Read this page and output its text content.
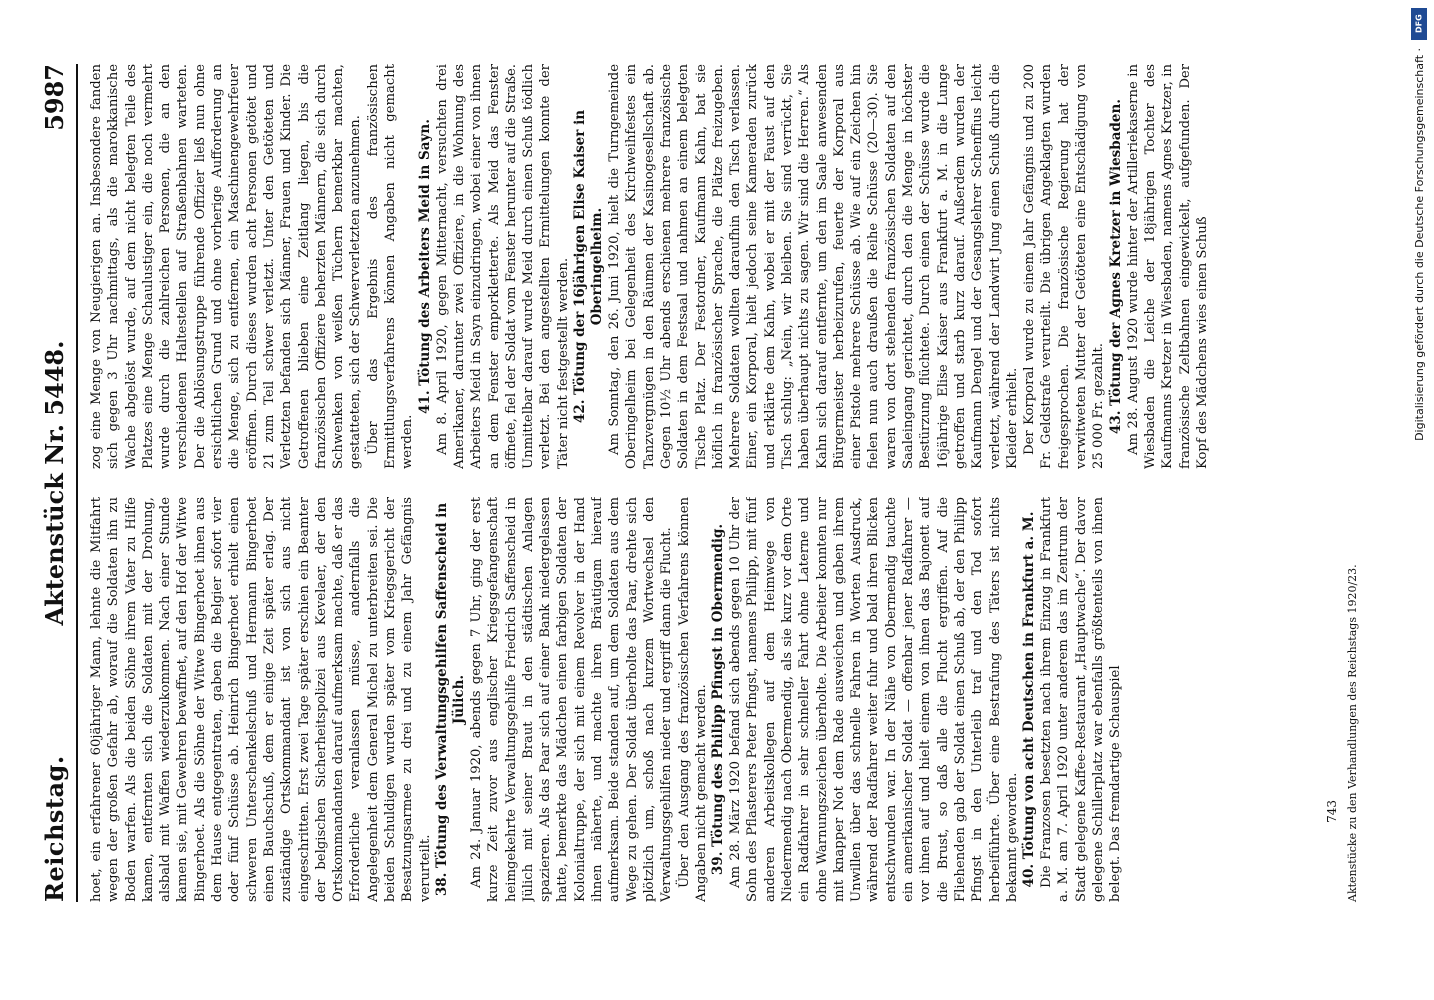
Reichstag.
Aktenstück Nr. 5448.
5987

hoet, ein erfahrener 60jähriger Mann, lehnte die Mitfahrt wegen der großen Gefahr ab, worauf die Soldaten ihn zu Boden warfen. Als die beiden Söhne ihrem Vater zu Hilfe kamen, entfernten sich die Soldaten mit der Drohung, alsbald mit Waffen wiederzukommen. Nach einer Stunde kamen sie, mit Gewehren bewaffnet, auf den Hof der Witwe Bingerhoet. Als die Söhne der Witwe Bingerhoet ihnen aus dem Hause entgegentraten, gaben die Belgier sofort vier oder fünf Schüsse ab. Heinrich Bingerhoet erhielt einen schweren Unterschenkelschuß und Hermann Bingerhoet einen Bauchschuß, dem er einige Zeit später erlag. Der zuständige Ortskommandant ist von sich aus nicht eingeschritten. Erst zwei Tage später erschien ein Beamter der belgischen Sicherheitspolizei aus Kevelaer, der den Ortskommandanten darauf aufmerksam machte, daß er das Erforderliche veranlassen müsse, andernfalls die Angelegenheit dem General Michel zu unterbreiten sei. Die beiden Schuldigen wurden später vom Kriegsgericht der Besatzungsarmee zu drei und zu einem Jahr Gefängnis verurteilt. 38. Tötung des Verwaltungsgehilfen Saffenscheid in Jülich. Am 24. Januar 1920, abends gegen 7 Uhr, ging der erst kurze Zeit zuvor aus englischer Kriegsgefangenschaft heimgekehrte Verwaltungsgehilfe Friedrich Saffenscheid in Jülich mit seiner Braut in den städtischen Anlagen spazieren. Als das Paar sich auf einer Bank niedergelassen hatte, bemerkte das Mädchen einen farbigen Soldaten der Kolonialtruppe, der sich mit einem Revolver in der Hand ihnen näherte, und machte ihren Bräutigam hierauf aufmerksam. Beide standen auf, um dem Soldaten aus dem Wege zu gehen. Der Soldat überholte das Paar, drehte sich plötzlich um, schoß nach kurzem Wortwechsel den Verwaltungsgehilfen nieder und ergriff dann die Flucht. Über den Ausgang des französischen Verfahrens können Angaben nicht gemacht werden. 39. Tötung des Philipp Pfingst in Obermendig. Am 28. März 1920 befand sich abends gegen 10 Uhr der Sohn des Pflasterers Peter Pfingst, namens Philipp, mit fünf anderen Arbeitskollegen auf dem Heimwege von Niedermendig nach Obermendig, als sie kurz vor dem Orte ein Radfahrer in sehr schneller Fahrt ohne Laterne und ohne Warnungszeichen überholte. Die Arbeiter konnten nur mit knapper Not dem Rade ausweichen und gaben ihrem Unwillen über das schnelle Fahren in Worten Ausdruck, während der Radfahrer weiter fuhr und bald ihren Blicken entschwunden war. In der Nähe von Obermendig tauchte ein amerikanischer Soldat — offenbar jener Radfahrer — vor ihnen auf und hielt einem von ihnen das Bajonett auf die Brust, so daß alle die Flucht ergriffen. Auf die Fliehenden gab der Soldat einen Schuß ab, der den Philipp Pfingst in den Unterleib traf und den Tod sofort herbeiführte. Über eine Bestrafung des Täters ist nichts bekannt geworden. 40. Tötung von acht Deutschen in Frankfurt a. M. Die Franzosen besetzten nach ihrem Einzug in Frankfurt a. M. am 7. April 1920 unter anderem das im Zentrum der Stadt gelegene Kaffee-Restaurant „Hauptwache“. Der davor gelegene Schillerplatz war ebenfalls größtenteils von ihnen belegt. Das fremdartige Schauspiel

zog eine Menge von Neugierigen an. Insbesondere fanden sich gegen 3 Uhr nachmittags, als die marokkanische Wache abgelöst wurde, auf dem nicht belegten Teile des Platzes eine Menge Schaulustiger ein, die noch vermehrt wurde durch die zahlreichen Personen, die an den verschiedenen Haltestellen auf Straßenbahnen warteten. Der die Ablösungstruppe führende Offizier ließ nun ohne ersichtlichen Grund und ohne vorherige Aufforderung an die Menge, sich zu entfernen, ein Maschinengewehrfeuer eröffnen. Durch dieses wurden acht Personen getötet und 21 zum Teil schwer verletzt. Unter den Getöteten und Verletzten befanden sich Männer, Frauen und Kinder. Die Getroffenen blieben eine Zeitlang liegen, bis die französischen Offiziere beherzten Männern, die sich durch Schwenken von weißen Tüchern bemerkbar machten, gestatteten, sich der Schwerverletzten anzunehmen. Über das Ergebnis des französischen Ermittlungsverfahrens können Angaben nicht gemacht werden.

41. Tötung des Arbeiters Meid in Sayn. Am 8. April 1920, gegen Mitternacht, versuchten drei Amerikaner, darunter zwei Offiziere, in die Wohnung des Arbeiters Meid in Sayn einzudringen, wobei einer von ihnen an dem Fenster emporkletterte. Als Meid das Fenster öffnete, fiel der Soldat vom Fenster herunter auf die Straße. Unmittelbar darauf wurde Meid durch einen Schuß tödlich verletzt. Bei den angestellten Ermittelungen konnte der Täter nicht festgestellt werden. 42. Tötung der 16jährigen Elise Kaiser in Oberingelheim. Am Sonntag, den 26. Juni 1920, hielt die Turngemeinde Oberingelheim bei Gelegenheit des Kirchweihfestes ein Tanzvergnügen in den Räumen der Kasinogesellschaft ab. Gegen 10½ Uhr abends erschienen mehrere französische Soldaten in dem Festsaal und nahmen an einem belegten Tische Platz. Der Festordner, Kaufmann Kahn, bat sie höflich in französischer Sprache, die Plätze freizugeben. Mehrere Soldaten wollten daraufhin den Tisch verlassen. Einer, ein Korporal, hielt jedoch seine Kameraden zurück und erklärte dem Kahn, wobei er mit der Faust auf den Tisch schlug: „Nein, wir bleiben. Sie sind verrückt, Sie haben überhaupt nichts zu sagen. Wir sind die Herren.“ Als Kahn sich darauf entfernte, um den im Saale anwesenden Bürgermeister herbeizurufen, feuerte der Korporal aus einer Pistole mehrere Schüsse ab. Wie auf ein Zeichen hin fielen nun auch draußen die Reihe Schüsse (20—30). Sie waren von dort stehenden französischen Soldaten auf den Saaleingang gerichtet, durch den die Menge in höchster Bestürzung flüchtete. Durch einen der Schüsse wurde die 16jährige Elise Kaiser aus Frankfurt a. M. in die Lunge getroffen und starb kurz darauf. Außerdem wurden der Kaufmann Dengel und der Gesangslehrer Schenffius leicht verletzt, während der Landwirt Jung einen Schuß durch die Kleider erhielt. Der Korporal wurde zu einem Jahr Gefängnis und zu 200 Fr. Geldstrafe verurteilt. Die übrigen Angeklagten wurden freigesprochen. Die französische Regierung hat der verwitweten Mutter der Getöteten eine Entschädigung von 25 000 Fr. gezahlt. 43. Tötung der Agnes Kretzer in Wiesbaden. Am 28. August 1920 wurde hinter der Artilleriekaserne in Wiesbaden die Leiche der 18jährigen Tochter des Kaufmanns Kretzer in Wiesbaden, namens Agnes Kretzer, in französische Zeltbahnen eingewickelt, aufgefunden. Der Kopf des Mädchens wies einen Schuß

Aktenstücke zu den Verhandlungen des Reichstags 1920/23.
743
DFG
Digitalisierung gefördert durch die Deutsche Forschungsgemeinschaft ·
